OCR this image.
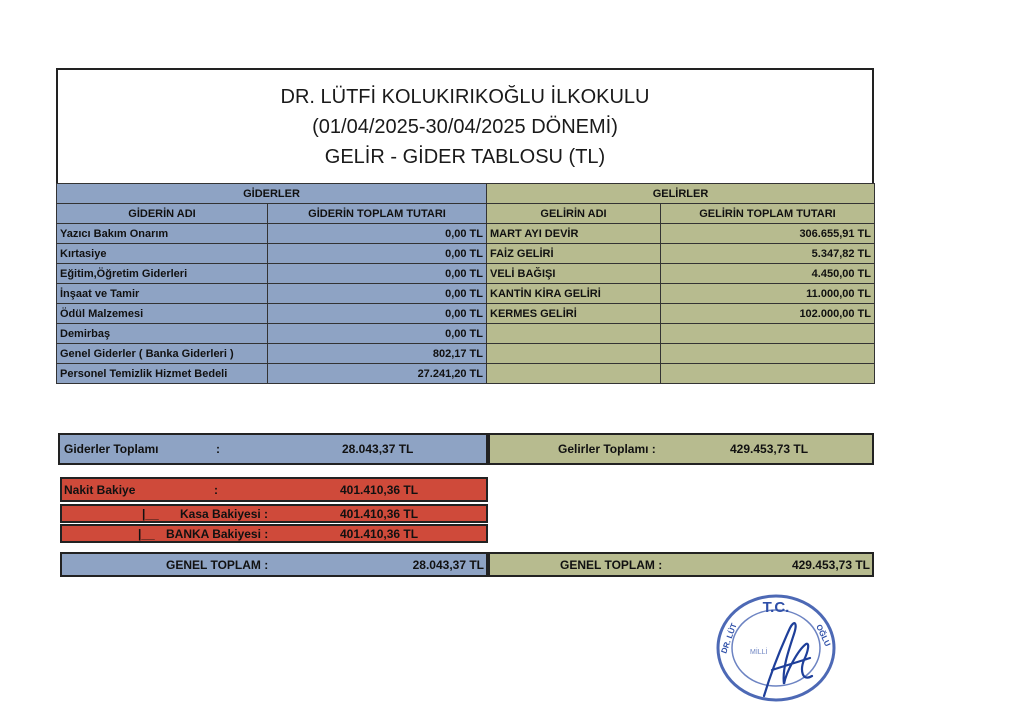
DR. LÜTFİ KOLUKIRIKOĞLU İLKOKULU
(01/04/2025-30/04/2025 DÖNEMİ)
GELİR - GİDER TABLOSU (TL)
GİDERLER		GELİRLER	
GİDERİN ADI	GİDERİN TOPLAM TUTARI	GELİRİN ADI	GELİRİN TOPLAM TUTARI
Yazıcı Bakım Onarım	0,00 TL	MART AYI DEVİR	306.655,91 TL
Kırtasiye	0,00 TL	FAİZ GELİRİ	5.347,82 TL
Eğitim,Öğretim Giderleri	0,00 TL	VELİ BAĞIŞI	4.450,00 TL
İnşaat ve Tamir	0,00 TL	KANTİN KİRA GELİRİ	11.000,00 TL
Ödül Malzemesi	0,00 TL	KERMES GELİRİ	102.000,00 TL
Demirbaş	0,00 TL		
Genel Giderler ( Banka Giderleri )	802,17 TL		
Personel Temizlik Hizmet Bedeli	27.241,20 TL		
Giderler Toplamı	:	28.043,37 TL	Gelirler Toplamı :	429.453,73 TL
Nakit Bakiye	:	401.410,36 TL
|__ Kasa Bakiyesi :	401.410,36 TL
|__ BANKA Bakiyesi :	401.410,36 TL
GENEL TOPLAM :	28.043,37 TL	GENEL TOPLAM :	429.453,73 TL
T.C.
DR. LÜT	OĞLU
MİLLİ
